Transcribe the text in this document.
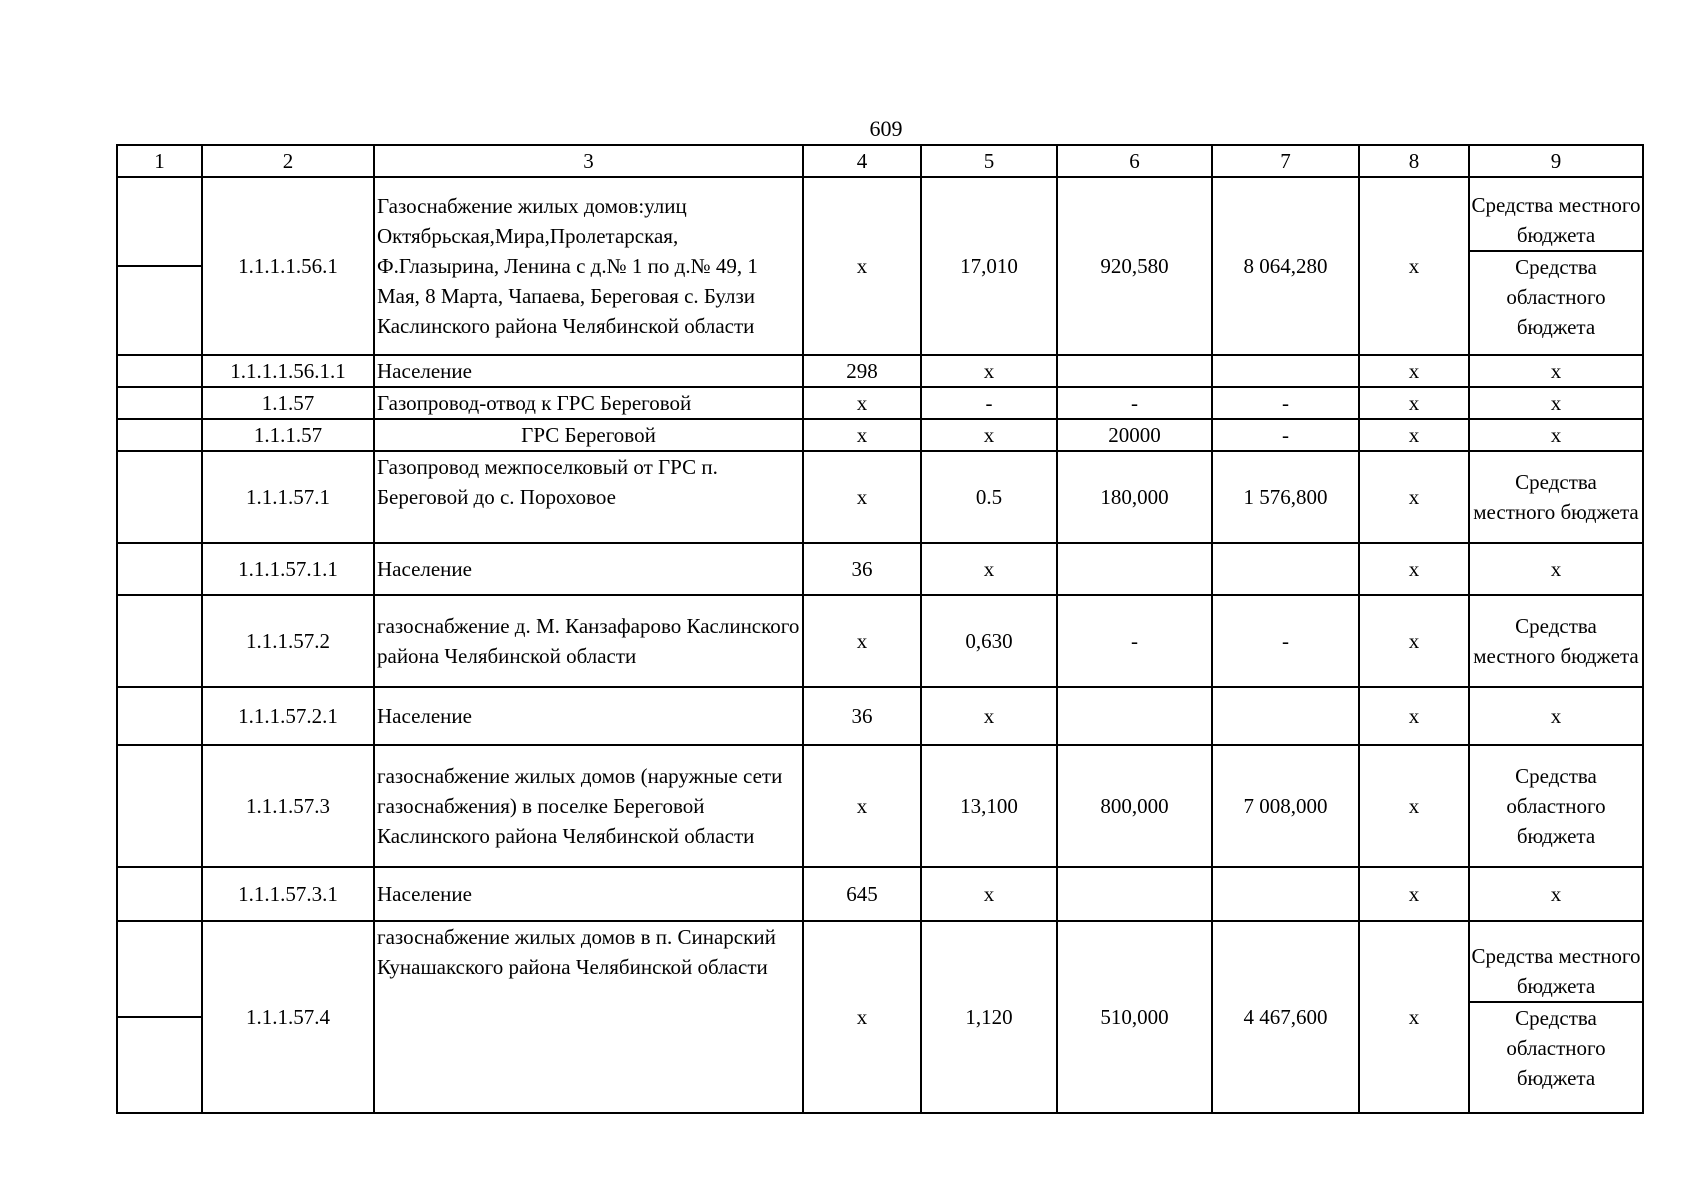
609
1	2	3	4	5	6	7	8	9

	1.1.1.1.56.1	Газоснабжение жилых домов:улиц Октябрьская,Мира,Пролетарская, Ф.Глазырина, Ленина с д.№ 1 по д.№ 49, 1 Мая, 8 Марта, Чапаева, Береговая с. Булзи Каслинского района Челябинской области	х	17,010	920,580	8 064,280	х	Средства местного бюджета
Средства областного бюджета

	1.1.1.1.56.1.1	Население	298	х			х	х
	1.1.57	Газопровод-отвод к ГРС Береговой	х	-	-	-	х	х
	1.1.1.57	ГРС Береговой	х	х	20000	-	х	х
	1.1.1.57.1	Газопровод межпоселковый от ГРС п. Береговой до с. Пороховое	х	0.5	180,000	1 576,800	х	Средства местного бюджета
	1.1.1.57.1.1	Население	36	х			х	х
	1.1.1.57.2	газоснабжение д. М. Канзафарово Каслинского района Челябинской области	х	0,630	-	-	х	Средства местного бюджета
	1.1.1.57.2.1	Население	36	х			х	х
	1.1.1.57.3	газоснабжение жилых домов (наружные сети газоснабжения) в поселке Береговой Каслинского района Челябинской области	х	13,100	800,000	7 008,000	х	Средства областного бюджета
	1.1.1.57.3.1	Население	645	х			х	х

	1.1.1.57.4	газоснабжение жилых домов в п. Синарский Кунашакского района Челябинской области	х	1,120	510,000	4 467,600	х	Средства местного бюджета
Средства областного бюджета
